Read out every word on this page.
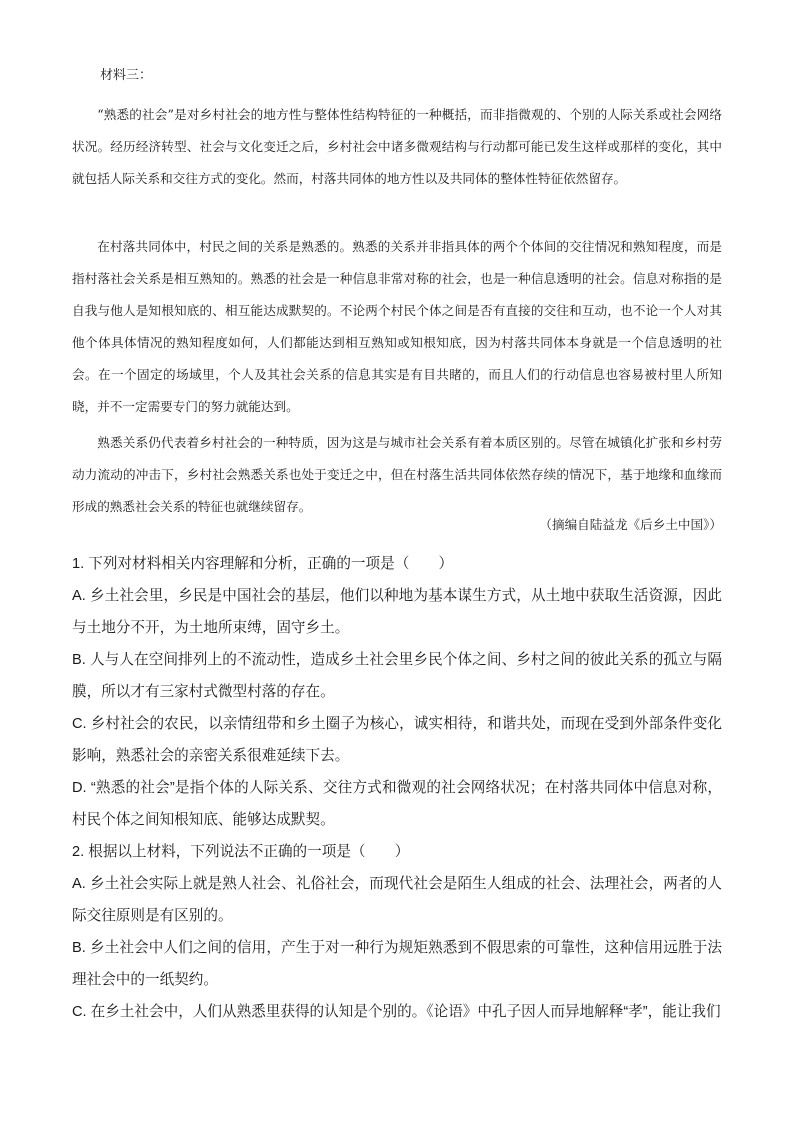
材料三：

“熟悉的社会”是对乡村社会的地方性与整体性结构特征的一种概括，而非指微观的、个别的人际关系或社会网络状况。经历经济转型、社会与文化变迁之后，乡村社会中诸多微观结构与行动都可能已发生这样或那样的变化，其中就包括人际关系和交往方式的变化。然而，村落共同体的地方性以及共同体的整体性特征依然留存。

在村落共同体中，村民之间的关系是熟悉的。熟悉的关系并非指具体的两个个体间的交往情况和熟知程度，而是指村落社会关系是相互熟知的。熟悉的社会是一种信息非常对称的社会，也是一种信息透明的社会。信息对称指的是自我与他人是知根知底的、相互能达成默契的。不论两个村民个体之间是否有直接的交往和互动，也不论一个人对其他个体具体情况的熟知程度如何，人们都能达到相互熟知或知根知底，因为村落共同体本身就是一个信息透明的社会。在一个固定的场域里，个人及其社会关系的信息其实是有目共睹的，而且人们的行动信息也容易被村里人所知晓，并不一定需要专门的努力就能达到。

熟悉关系仍代表着乡村社会的一种特质，因为这是与城市社会关系有着本质区别的。尽管在城镇化扩张和乡村劳动力流动的冲击下，乡村社会熟悉关系也处于变迁之中，但在村落生活共同体依然存续的情况下，基于地缘和血缘而形成的熟悉社会关系的特征也就继续留存。

（摘编自陆益龙《后乡土中国》）

1. 下列对材料相关内容理解和分析，正确的一项是（　　）

A. 乡土社会里，乡民是中国社会的基层，他们以种地为基本谋生方式，从土地中获取生活资源，因此与土地分不开，为土地所束缚，固守乡土。

B. 人与人在空间排列上的不流动性，造成乡土社会里乡民个体之间、乡村之间的彼此关系的孤立与隔膜，所以才有三家村式微型村落的存在。

C. 乡村社会的农民，以亲情纽带和乡土圈子为核心，诚实相待，和谐共处，而现在受到外部条件变化影响，熟悉社会的亲密关系很难延续下去。

D. “熟悉的社会”是指个体的人际关系、交往方式和微观的社会网络状况；在村落共同体中信息对称，村民个体之间知根知底、能够达成默契。

2. 根据以上材料，下列说法不正确的一项是（　　）

A. 乡土社会实际上就是熟人社会、礼俗社会，而现代社会是陌生人组成的社会、法理社会，两者的人际交往原则是有区别的。

B. 乡土社会中人们之间的信用，产生于对一种行为规矩熟悉到不假思索的可靠性，这种信用远胜于法理社会中的一纸契约。

C. 在乡土社会中，人们从熟悉里获得的认知是个别的。《论语》中孔子因人而异地解释“孝”，能让我们
